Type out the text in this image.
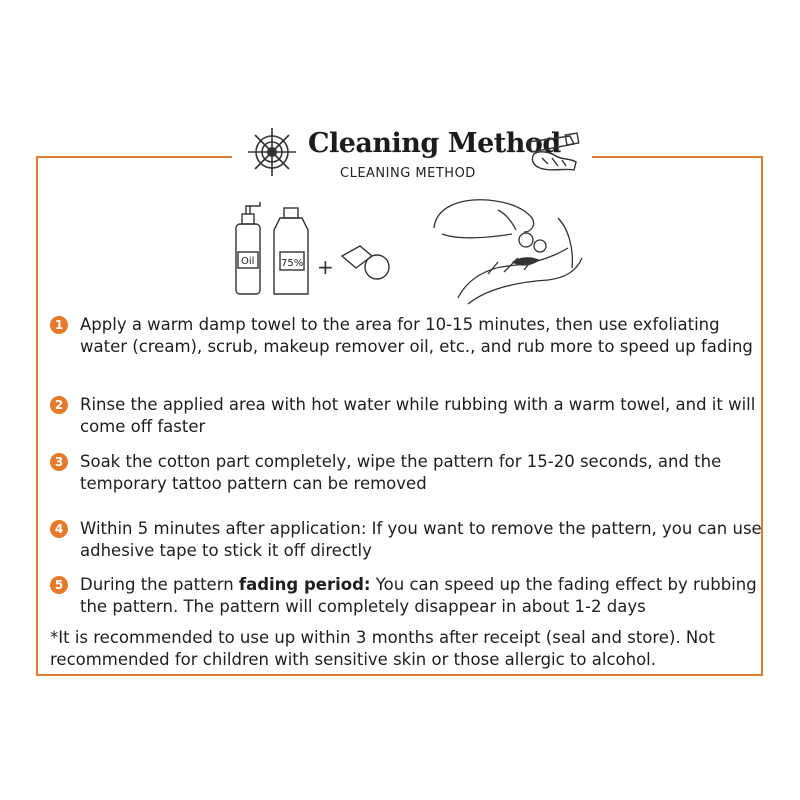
Cleaning Method
CLEANING METHOD
Oil	75% +
1 Apply a warm damp towel to the area for 10-15 minutes, then use exfoliating water (cream), scrub, makeup remover oil, etc., and rub more to speed up fading
2 Rinse the applied area with hot water while rubbing with a warm towel, and it will come off faster
3 Soak the cotton part completely, wipe the pattern for 15-20 seconds, and the temporary tattoo pattern can be removed
4 Within 5 minutes after application: If you want to remove the pattern, you can use adhesive tape to stick it off directly
5 During the pattern fading period: You can speed up the fading effect by rubbing the pattern. The pattern will completely disappear in about 1-2 days
*It is recommended to use up within 3 months after receipt (seal and store). Not recommended for children with sensitive skin or those allergic to alcohol.
